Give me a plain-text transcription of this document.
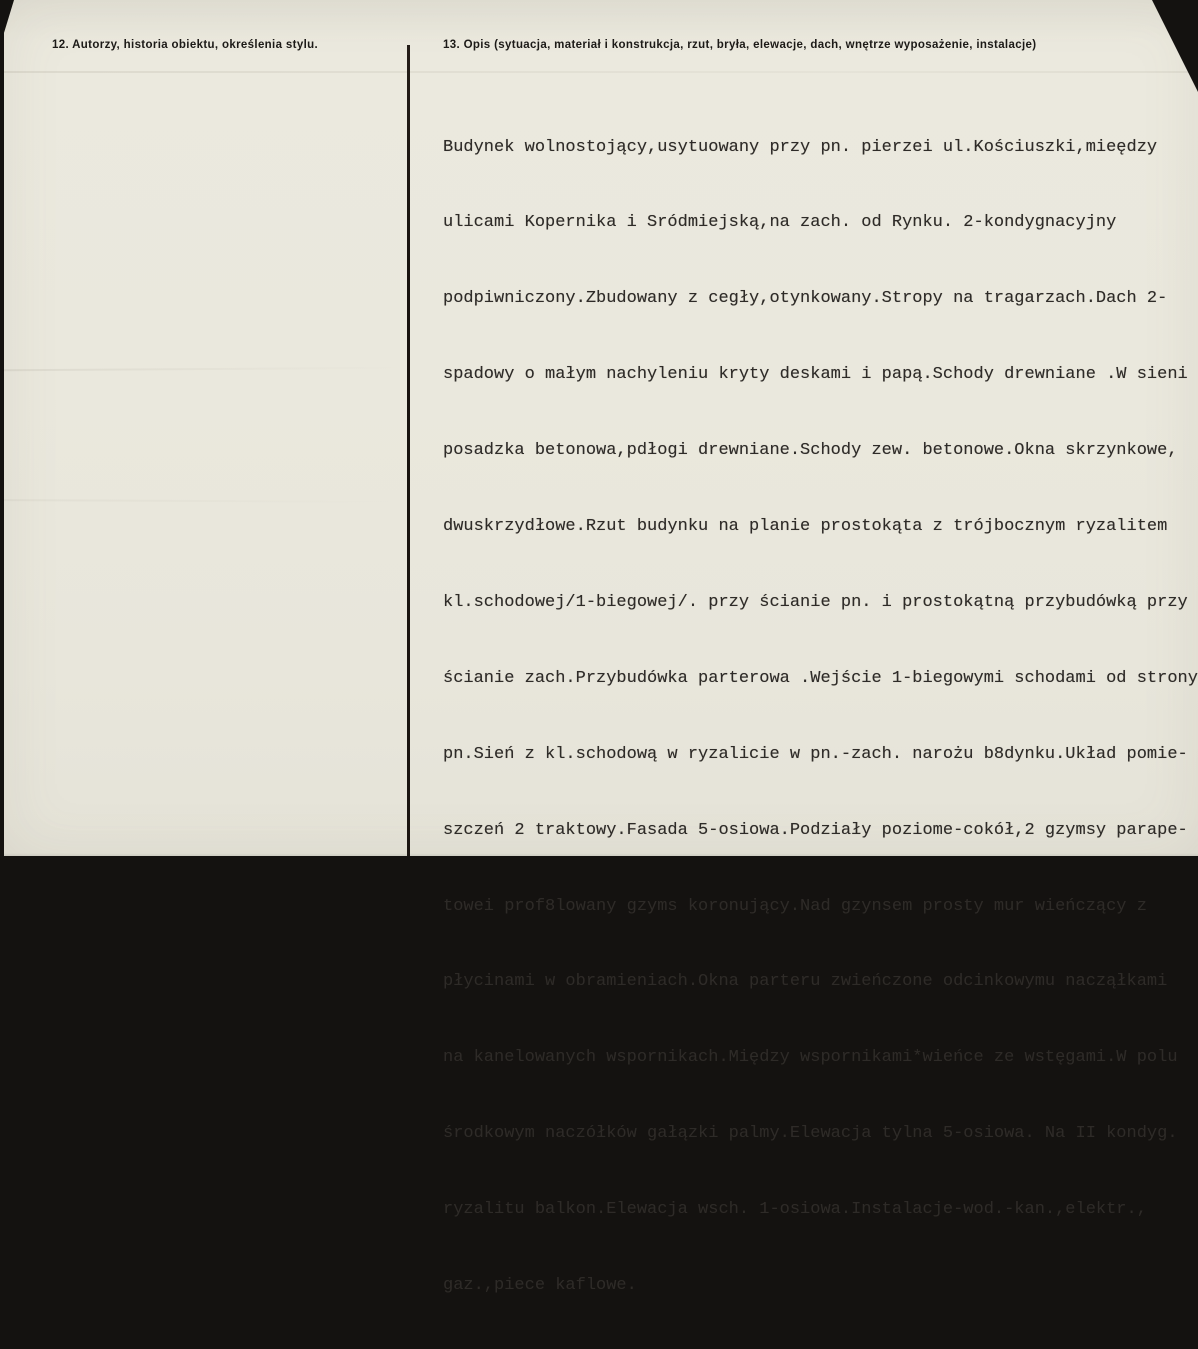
12. Autorzy, historia obiektu, określenia stylu.	13. Opis (sytuacja, materiał i konstrukcja, rzut, bryła, elewacje, dach, wnętrze wyposażenie, instalacje)

Budynek wolnostojący,usytuowany przy pn. pierzei ul.Kościuszki,mieędzy

ulicami Kopernika i Sródmiejską,na zach. od Rynku. 2-kondygnacyjny

podpiwniczony.Zbudowany z cegły,otynkowany.Stropy na tragarzach.Dach 2-

spadowy o małym nachyleniu kryty deskami i papą.Schody drewniane .W sieni

posadzka betonowa,pdłogi drewniane.Schody zew. betonowe.Okna skrzynkowe,

dwuskrzydłowe.Rzut budynku na planie prostokąta z trójbocznym ryzalitem

kl.schodowej/1-biegowej/. przy ścianie pn. i prostokątną przybudówką przy

ścianie zach.Przybudówka parterowa .Wejście 1-biegowymi schodami od strony

pn.Sień z kl.schodową w ryzalicie w pn.-zach. narożu b8dynku.Układ pomie-

szczeń 2 traktowy.Fasada 5-osiowa.Podziały poziome-cokół,2 gzymsy parape-

towei prof8lowany gzyms koronujący.Nad gzynsem prosty mur wieńczący z

płycinami w obramieniach.Okna parteru zwieńczone odcinkowymu nacząłkami

na kanelowanych wspornikach.Między wspornikami*wieńce ze wstęgami.W polu

środkowym naczółków gałązki palmy.Elewacja tylna 5-osiowa. Na II kondyg.

ryzalitu balkon.Elewacja wsch. 1-osiowa.Instalacje-wod.-kan.,elektr.,

gaz.,piece kaflowe.
